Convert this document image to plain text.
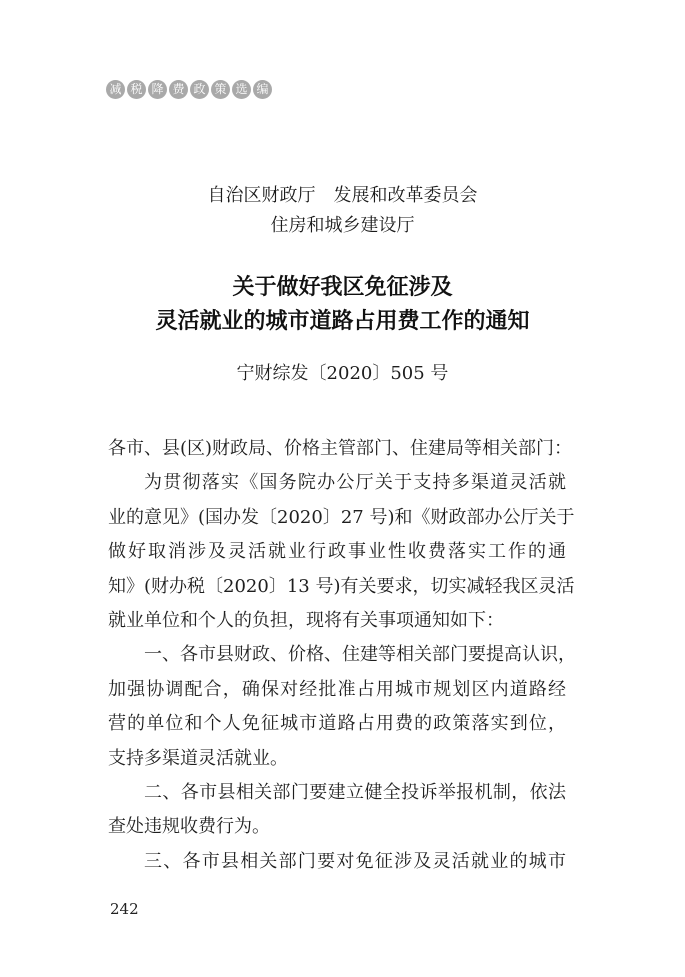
减 税 降 费 政 策 选 编
自治区财政厅　发展和改革委员会
住房和城乡建设厅
关于做好我区免征涉及
灵活就业的城市道路占用费工作的通知
宁财综发〔2020〕505 号
各市、县(区)财政局、价格主管部门、住建局等相关部门：
为贯彻落实《国务院办公厅关于支持多渠道灵活就
业的意见》(国办发〔2020〕27 号)和《财政部办公厅关于
做好取消涉及灵活就业行政事业性收费落实工作的通
知》(财办税〔2020〕13 号)有关要求，切实减轻我区灵活
就业单位和个人的负担，现将有关事项通知如下：
一、各市县财政、价格、住建等相关部门要提高认识，
加强协调配合，确保对经批准占用城市规划区内道路经
营的单位和个人免征城市道路占用费的政策落实到位，
支持多渠道灵活就业。
二、各市县相关部门要建立健全投诉举报机制，依法
查处违规收费行为。
三、各市县相关部门要对免征涉及灵活就业的城市
242
